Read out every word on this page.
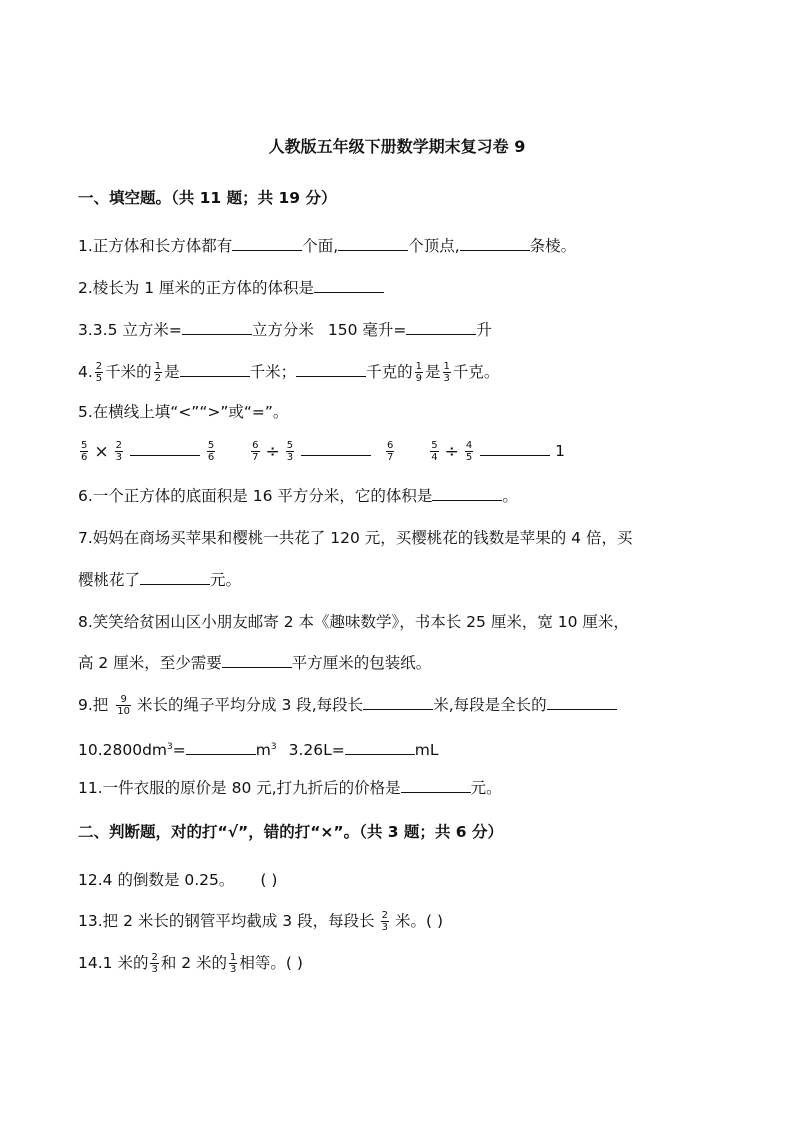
人教版五年级下册数学期末复习卷 9
一、填空题。（共 11 题；共 19 分）
1.正方体和长方体都有	个面,	个顶点,	条棱。
2.棱长为 1 厘米的正方体的体积是
3.3.5 立方米=	立方分米 150 毫升=	升
4. $\frac{2}{5}$ 千米的 $\frac{1}{2}$ 是	千米；	千克的 $\frac{1}{9}$ 是 $\frac{1}{3}$ 千克。
5.在横线上填“<”“>”或“=”。
$\frac{5}{6} \times \frac{2}{3}$
	$\frac{5}{6}$
	$\frac{6}{7} \div \frac{5}{3}$
	$\frac{6}{7}$
	$\frac{5}{4} \div \frac{4}{5}$	1
6.一个正方体的底面积是 16 平方分米，它的体积是	。
7.妈妈在商场买苹果和樱桃一共花了 120 元，买樱桃花的钱数是苹果的 4 倍，买
樱桃花了	元。
8.笑笑给贫困山区小朋友邮寄 2 本《趣味数学》，书本长 25 厘米，宽 10 厘米，
高 2 厘米，至少需要	平方厘米的包装纸。
9.把 $\frac{9}{10}$ 米长的绳子平均分成 3 段,每段长	米,每段是全长的
$10.2800dm^3=$	$m^3$ 3.26L=	mL
11.一件衣服的原价是 80 元,打九折后的价格是	元。
二、判断题，对的打“√”，错的打“×”。（共 3 题；共 6 分）
12.4 的倒数是 0.25。 ( )
13.把 2 米长的钢管平均截成 3 段，每段长 $\frac{2}{3}$ 米。( )
14.1 米的 $\frac{2}{3}$ 和 2 米的 $\frac{1}{3}$ 相等。( )
